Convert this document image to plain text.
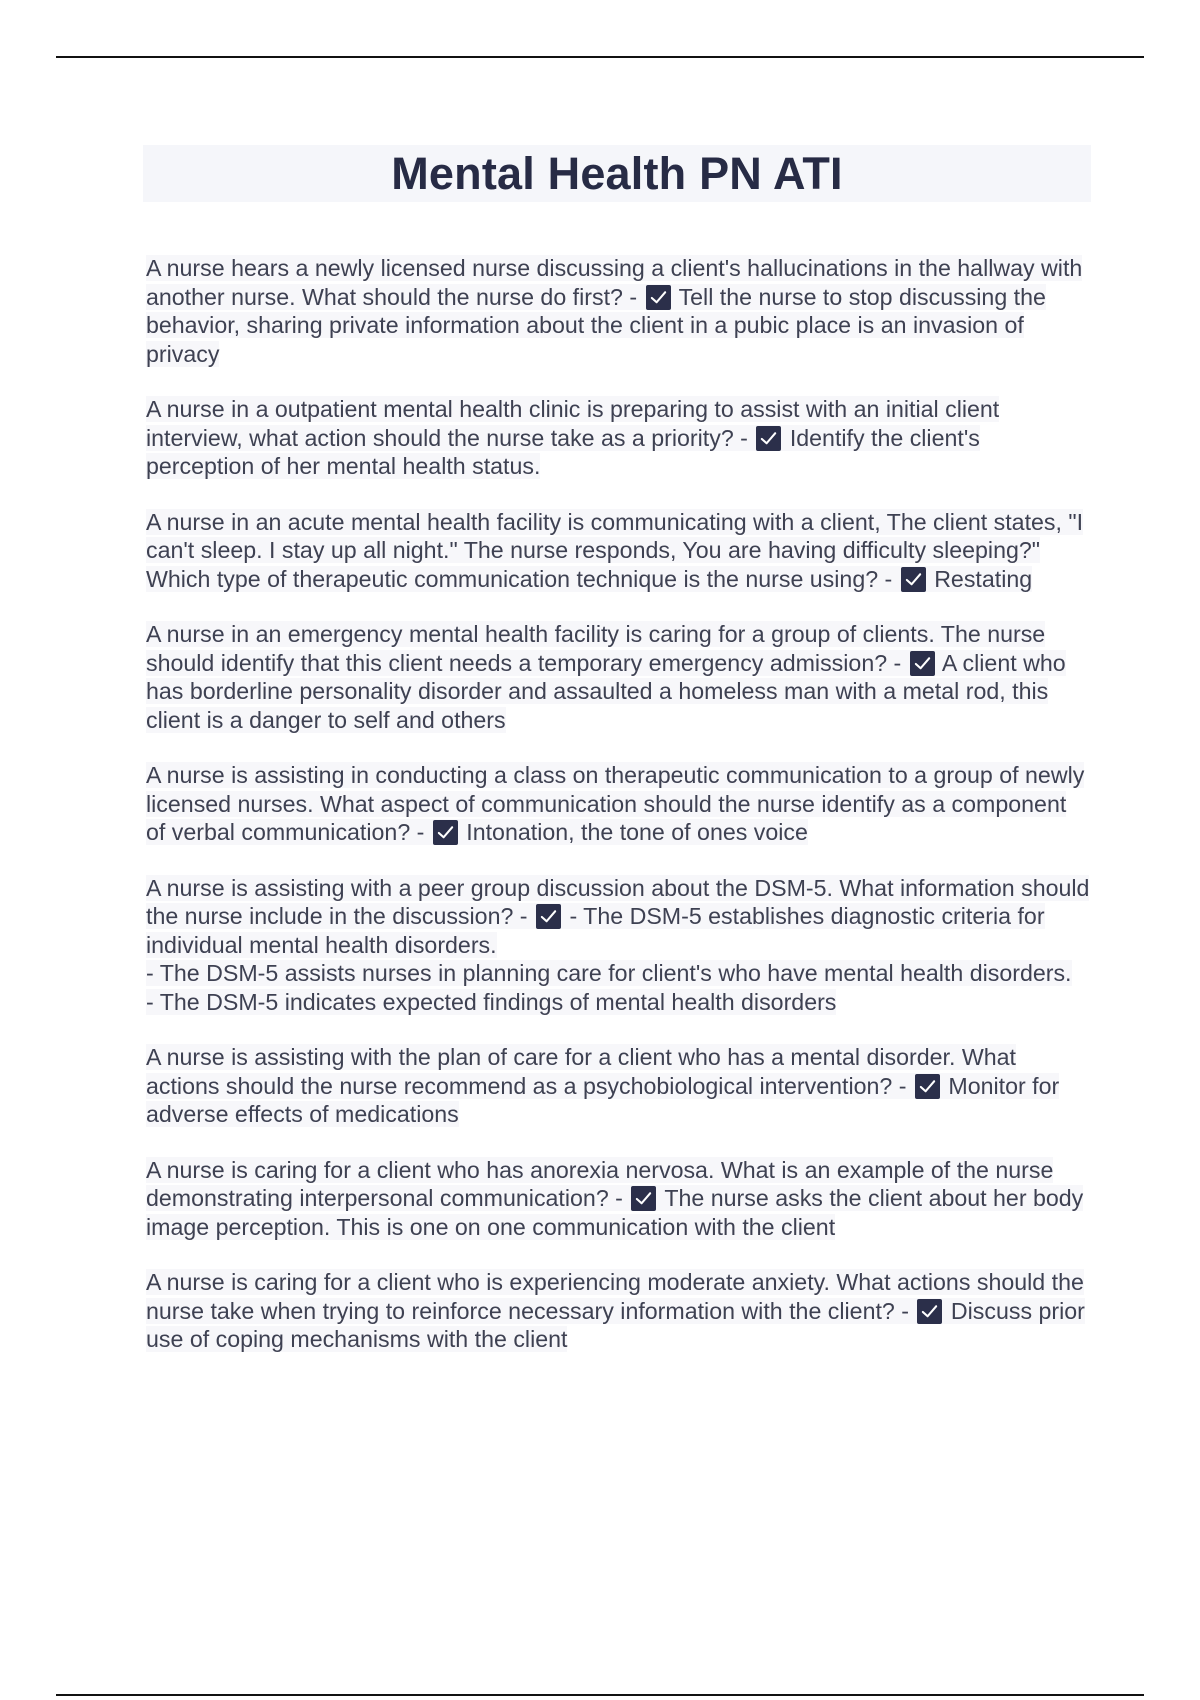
Mental Health PN ATI

A nurse hears a newly licensed nurse discussing a client's hallucinations in the hallway with another nurse. What should the nurse do first? - Tell the nurse to stop discussing the behavior, sharing private information about the client in a pubic place is an invasion of privacy

A nurse in a outpatient mental health clinic is preparing to assist with an initial client interview, what action should the nurse take as a priority? - Identify the client's perception of her mental health status.

A nurse in an acute mental health facility is communicating with a client, The client states, "I can't sleep. I stay up all night." The nurse responds, You are having difficulty sleeping?" Which type of therapeutic communication technique is the nurse using? - Restating

A nurse in an emergency mental health facility is caring for a group of clients. The nurse should identify that this client needs a temporary emergency admission? - A client who has borderline personality disorder and assaulted a homeless man with a metal rod, this client is a danger to self and others

A nurse is assisting in conducting a class on therapeutic communication to a group of newly licensed nurses. What aspect of communication should the nurse identify as a component of verbal communication? - Intonation, the tone of ones voice

A nurse is assisting with a peer group discussion about the DSM-5. What information should the nurse include in the discussion? - - The DSM-5 establishes diagnostic criteria for individual mental health disorders.
- The DSM-5 assists nurses in planning care for client's who have mental health disorders.
- The DSM-5 indicates expected findings of mental health disorders

A nurse is assisting with the plan of care for a client who has a mental disorder. What actions should the nurse recommend as a psychobiological intervention? - Monitor for adverse effects of medications

A nurse is caring for a client who has anorexia nervosa. What is an example of the nurse demonstrating interpersonal communication? - The nurse asks the client about her body image perception. This is one on one communication with the client

A nurse is caring for a client who is experiencing moderate anxiety. What actions should the nurse take when trying to reinforce necessary information with the client? - Discuss prior use of coping mechanisms with the client
